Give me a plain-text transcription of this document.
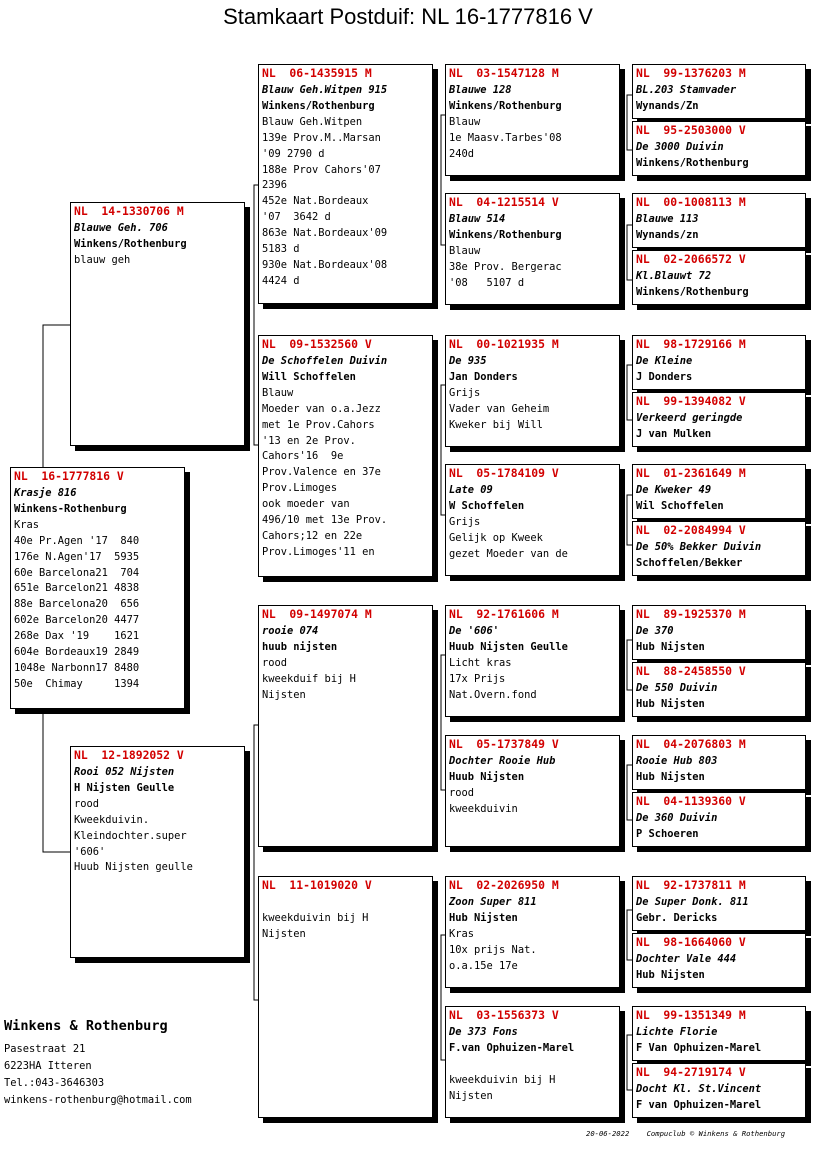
Stamkaart Postduif: NL 16-1777816 V
NL  16-1777816 V
Krasje 816
Winkens-Rothenburg
Kras
40e Pr.Agen '17  840
176e N.Agen'17  5935
60e Barcelona21  704
651e Barcelon21 4838
88e Barcelona20  656
602e Barcelon20 4477
268e Dax '19    1621
604e Bordeaux19 2849
1048e Narbonn17 8480
50e  Chimay     1394
NL  14-1330706 M
Blauwe Geh. 706
Winkens/Rothenburg
blauw geh
NL  12-1892052 V
Rooi 052 Nijsten
H Nijsten Geulle
rood
Kweekduivin.
Kleindochter.super
'606'
Huub Nijsten geulle
NL  06-1435915 M
Blauw Geh.Witpen 915
Winkens/Rothenburg
Blauw Geh.Witpen
139e Prov.M..Marsan
'09 2790 d
188e Prov Cahors'07
2396
452e Nat.Bordeaux
'07  3642 d
863e Nat.Bordeaux'09
5183 d
930e Nat.Bordeaux'08
4424 d
NL  09-1532560 V
De Schoffelen Duivin
Will Schoffelen
Blauw
Moeder van o.a.Jezz
met 1e Prov.Cahors
'13 en 2e Prov.
Cahors'16  9e
Prov.Valence en 37e
Prov.Limoges
ook moeder van
496/10 met 13e Prov.
Cahors;12 en 22e
Prov.Limoges'11 en
NL  09-1497074 M
rooie 074
huub nijsten
rood
kweekduif bij H
Nijsten
NL  11-1019020 V
kweekduivin bij H
Nijsten
NL  03-1547128 M
Blauwe 128
Winkens/Rothenburg
Blauw
1e Maasv.Tarbes'08
240d
NL  04-1215514 V
Blauw 514
Winkens/Rothenburg
Blauw
38e Prov. Bergerac
'08   5107 d
NL  00-1021935 M
De 935
Jan Donders
Grijs
Vader van Geheim
Kweker bij Will
NL  05-1784109 V
Late 09
W Schoffelen
Grijs
Gelijk op Kweek
gezet Moeder van de
NL  92-1761606 M
De '606'
Huub Nijsten Geulle
Licht kras
17x Prijs
Nat.Overn.fond
NL  05-1737849 V
Dochter Rooie Hub
Huub Nijsten
rood
kweekduivin
NL  02-2026950 M
Zoon Super 811
Hub Nijsten
Kras
10x prijs Nat.
o.a.15e 17e
NL  03-1556373 V
De 373 Fons
F.van Ophuizen-Marel
kweekduivin bij H
Nijsten
NL  99-1376203 M
BL.203 Stamvader
Wynands/Zn
NL  95-2503000 V
De 3000 Duivin
Winkens/Rothenburg
NL  00-1008113 M
Blauwe 113
Wynands/zn
NL  02-2066572 V
Kl.Blauwt 72
Winkens/Rothenburg
NL  98-1729166 M
De Kleine
J Donders
NL  99-1394082 V
Verkeerd geringde
J van Mulken
NL  01-2361649 M
De Kweker 49
Wil Schoffelen
NL  02-2084994 V
De 50% Bekker Duivin
Schoffelen/Bekker
NL  89-1925370 M
De 370
Hub Nijsten
NL  88-2458550 V
De 550 Duivin
Hub Nijsten
NL  04-2076803 M
Rooie Hub 803
Hub Nijsten
NL  04-1139360 V
De 360 Duivin
P Schoeren
NL  92-1737811 M
De Super Donk. 811
Gebr. Dericks
NL  98-1664060 V
Dochter Vale 444
Hub Nijsten
NL  99-1351349 M
Lichte Florie
F Van Ophuizen-Marel
NL  94-2719174 V
Docht Kl. St.Vincent
F van Ophuizen-Marel
Winkens & Rothenburg
Pasestraat 21
6223HA Itteren
Tel.:043-3646303
winkens-rothenburg@hotmail.com
20-06-2022    Compuclub © Winkens & Rothenburg
